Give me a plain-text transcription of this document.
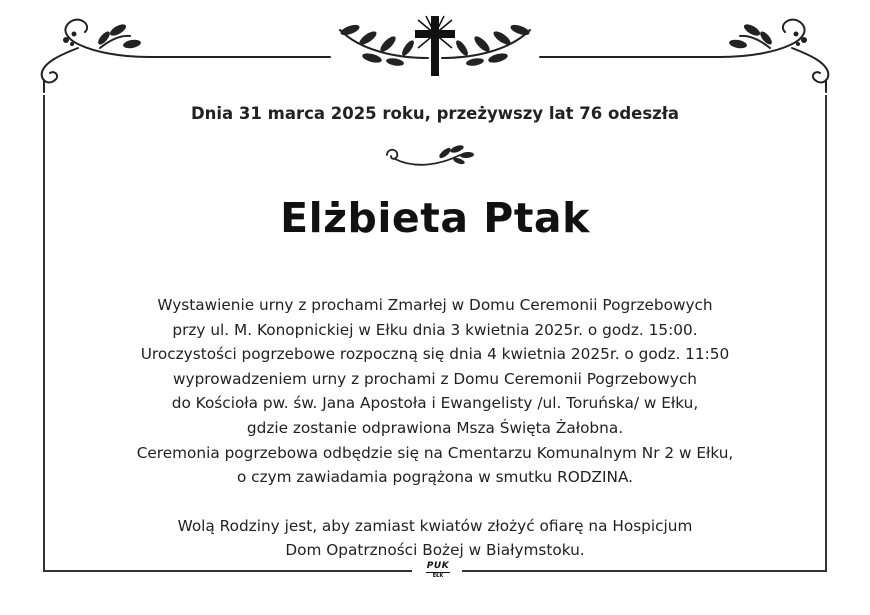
PUK
EŁK
Dnia 31 marca 2025 roku, przeżywszy lat 76 odeszła
Elżbieta Ptak
Wystawienie urny z prochami Zmarłej w Domu Ceremonii Pogrzebowych
przy ul. M. Konopnickiej w Ełku dnia 3 kwietnia 2025r. o godz. 15:00.
Uroczystości pogrzebowe rozpoczną się dnia 4 kwietnia 2025r. o godz. 11:50
wyprowadzeniem urny z prochami z Domu Ceremonii Pogrzebowych
do Kościoła pw. św. Jana Apostoła i Ewangelisty /ul. Toruńska/ w Ełku,
gdzie zostanie odprawiona Msza Święta Żałobna.
Ceremonia pogrzebowa odbędzie się na Cmentarzu Komunalnym Nr 2 w Ełku,
o czym zawiadamia pogrążona w smutku RODZINA.
Wolą Rodziny jest, aby zamiast kwiatów złożyć ofiarę na Hospicjum
Dom Opatrzności Bożej w Białymstoku.
